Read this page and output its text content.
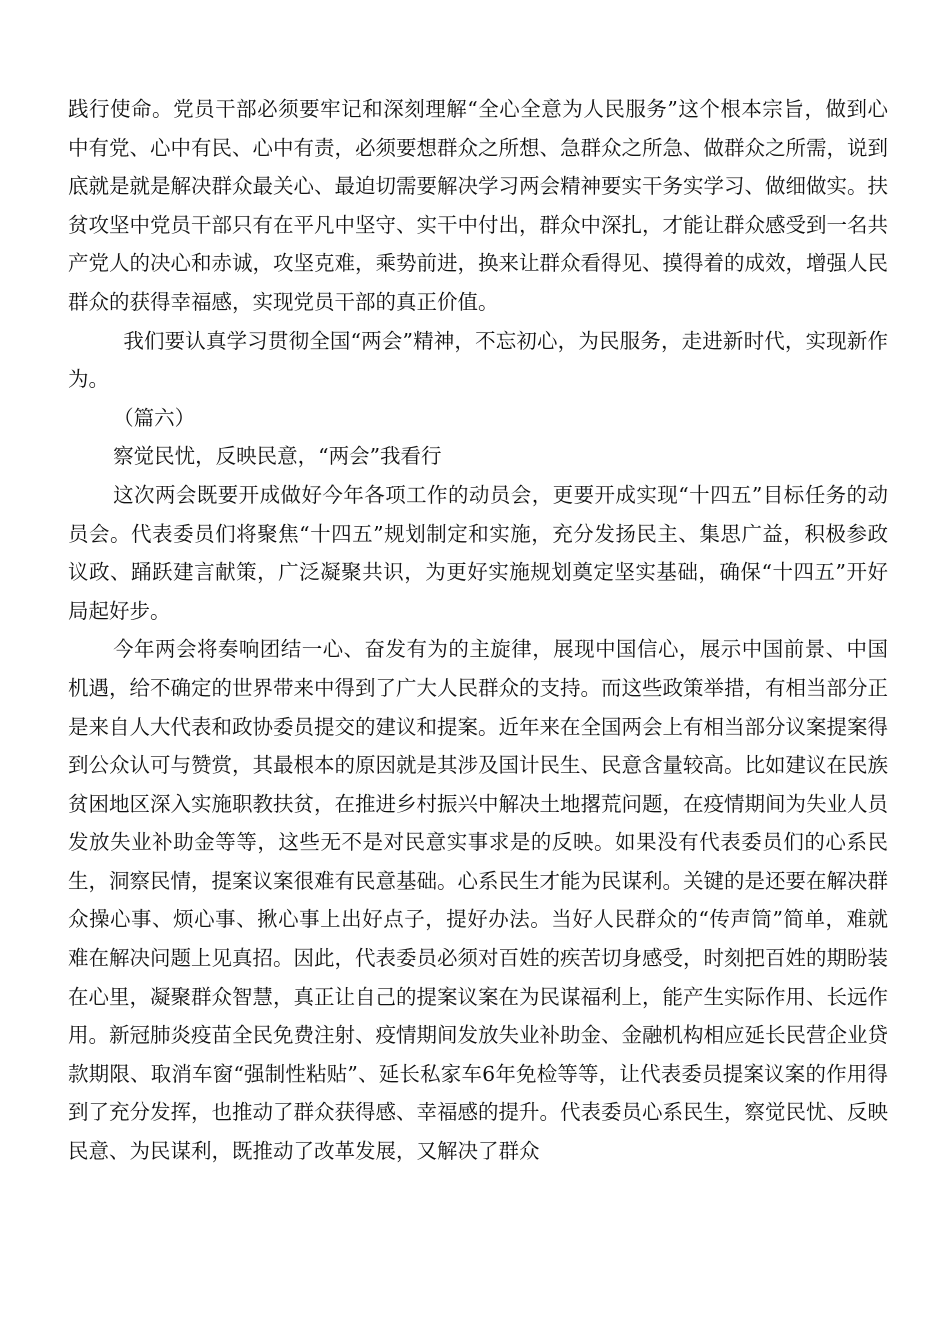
践行使命。党员干部必须要牢记和深刻理解“全心全意为人民服务”这个根本宗旨，做到心中有党、心中有民、心中有责，必须要想群众之所想、急群众之所急、做群众之所需，说到底就是就是解决群众最关心、最迫切需要解决学习两会精神要实干务实学习、做细做实。扶贫攻坚中党员干部只有在平凡中坚守、实干中付出，群众中深扎，才能让群众感受到一名共产党人的决心和赤诚，攻坚克难，乘势前进，换来让群众看得见、摸得着的成效，增强人民群众的获得幸福感，实现党员干部的真正价值。

我们要认真学习贯彻全国“两会”精神，不忘初心，为民服务，走进新时代，实现新作为。

（篇六）

察觉民忧，反映民意，“两会”我看行

这次两会既要开成做好今年各项工作的动员会，更要开成实现“十四五”目标任务的动员会。代表委员们将聚焦“十四五”规划制定和实施，充分发扬民主、集思广益，积极参政议政、踊跃建言献策，广泛凝聚共识，为更好实施规划奠定坚实基础，确保“十四五”开好局起好步。

今年两会将奏响团结一心、奋发有为的主旋律，展现中国信心，展示中国前景、中国机遇，给不确定的世界带来中得到了广大人民群众的支持。而这些政策举措，有相当部分正是来自人大代表和政协委员提交的建议和提案。近年来在全国两会上有相当部分议案提案得到公众认可与赞赏，其最根本的原因就是其涉及国计民生、民意含量较高。比如建议在民族贫困地区深入实施职教扶贫，在推进乡村振兴中解决土地撂荒问题，在疫情期间为失业人员发放失业补助金等等，这些无不是对民意实事求是的反映。如果没有代表委员们的心系民生，洞察民情，提案议案很难有民意基础。心系民生才能为民谋利。关键的是还要在解决群众操心事、烦心事、揪心事上出好点子，提好办法。当好人民群众的“传声筒”简单，难就难在解决问题上见真招。因此，代表委员必须对百姓的疾苦切身感受，时刻把百姓的期盼装在心里，凝聚群众智慧，真正让自己的提案议案在为民谋福利上，能产生实际作用、长远作用。新冠肺炎疫苗全民免费注射、疫情期间发放失业补助金、金融机构相应延长民营企业贷款期限、取消车窗“强制性粘贴”、延长私家车6年免检等等，让代表委员提案议案的作用得到了充分发挥，也推动了群众获得感、幸福感的提升。代表委员心系民生，察觉民忧、反映民意、为民谋利，既推动了改革发展，又解决了群众
